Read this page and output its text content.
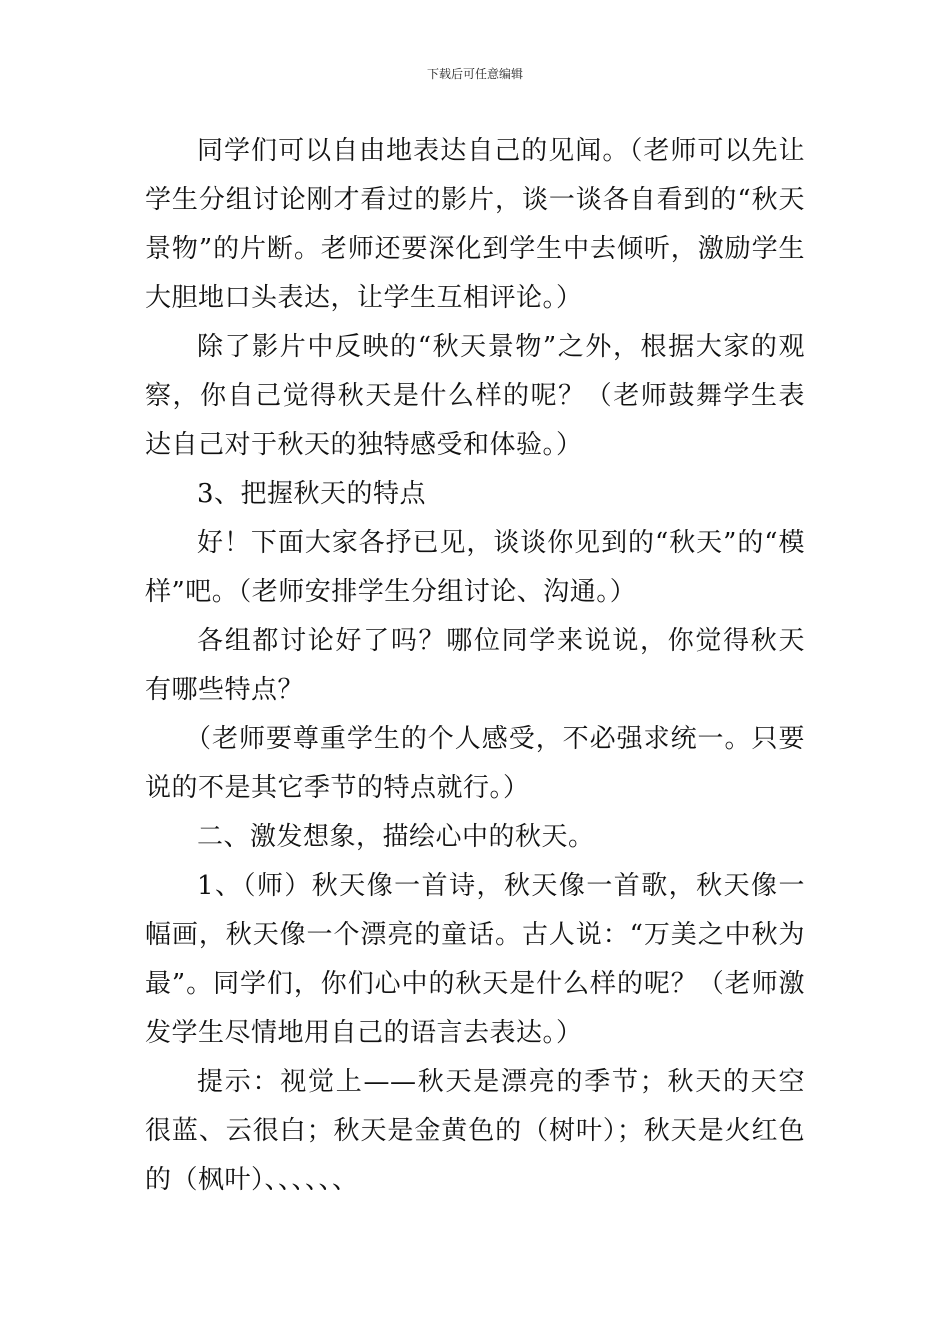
下载后可任意编辑

同学们可以自由地表达自己的见闻。（老师可以先让学生分组讨论刚才看过的影片，谈一谈各自看到的“秋天景物”的片断。老师还要深化到学生中去倾听，激励学生大胆地口头表达，让学生互相评论。）

除了影片中反映的“秋天景物”之外，根据大家的观察，你自己觉得秋天是什么样的呢？（老师鼓舞学生表达自己对于秋天的独特感受和体验。）

3、把握秋天的特点

好！下面大家各抒已见，谈谈你见到的“秋天”的“模样”吧。（老师安排学生分组讨论、沟通。）

各组都讨论好了吗？哪位同学来说说，你觉得秋天有哪些特点？

（老师要尊重学生的个人感受，不必强求统一。只要说的不是其它季节的特点就行。）

二、激发想象，描绘心中的秋天。

1、（师）秋天像一首诗，秋天像一首歌，秋天像一幅画，秋天像一个漂亮的童话。古人说：“万美之中秋为最”。同学们，你们心中的秋天是什么样的呢？（老师激发学生尽情地用自己的语言去表达。）

提示：视觉上——秋天是漂亮的季节；秋天的天空很蓝、云很白；秋天是金黄色的（树叶）；秋天是火红色的（枫叶）、、、、、、
